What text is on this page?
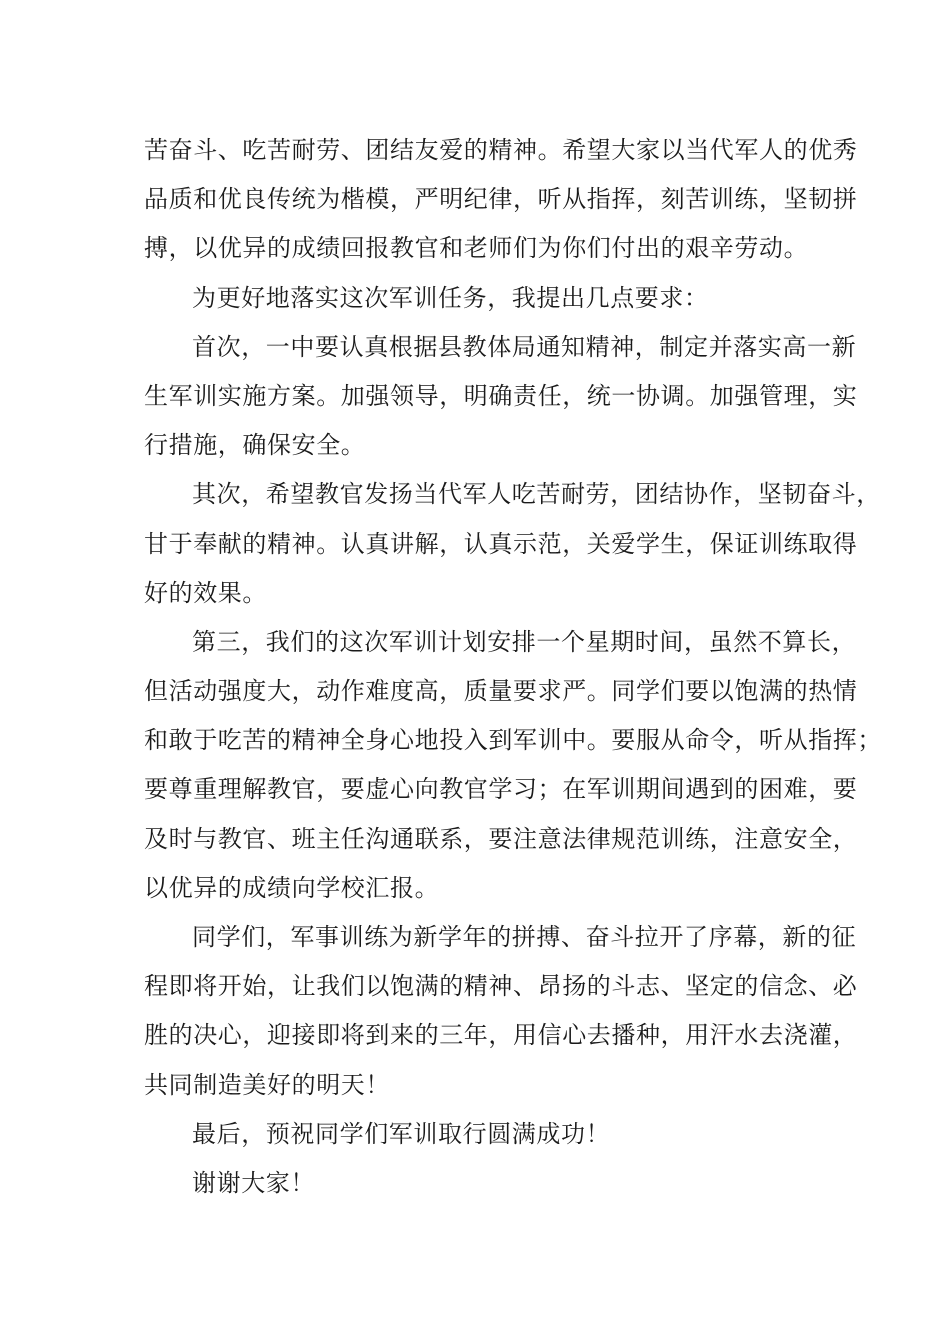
苦奋斗、吃苦耐劳、团结友爱的精神。希望大家以当代军人的优秀
品质和优良传统为楷模，严明纪律，听从指挥，刻苦训练，坚韧拼
搏，以优异的成绩回报教官和老师们为你们付出的艰辛劳动。
为更好地落实这次军训任务，我提出几点要求：
首次，一中要认真根据县教体局通知精神，制定并落实高一新
生军训实施方案。加强领导，明确责任，统一协调。加强管理，实
行措施，确保安全。
其次，希望教官发扬当代军人吃苦耐劳，团结协作，坚韧奋斗，
甘于奉献的精神。认真讲解，认真示范，关爱学生，保证训练取得
好的效果。
第三，我们的这次军训计划安排一个星期时间，虽然不算长，
但活动强度大，动作难度高，质量要求严。同学们要以饱满的热情
和敢于吃苦的精神全身心地投入到军训中。要服从命令，听从指挥；
要尊重理解教官，要虚心向教官学习；在军训期间遇到的困难，要
及时与教官、班主任沟通联系，要注意法律规范训练，注意安全，
以优异的成绩向学校汇报。
同学们，军事训练为新学年的拼搏、奋斗拉开了序幕，新的征
程即将开始，让我们以饱满的精神、昂扬的斗志、坚定的信念、必
胜的决心，迎接即将到来的三年，用信心去播种，用汗水去浇灌，
共同制造美好的明天！
最后，预祝同学们军训取行圆满成功！
谢谢大家！
